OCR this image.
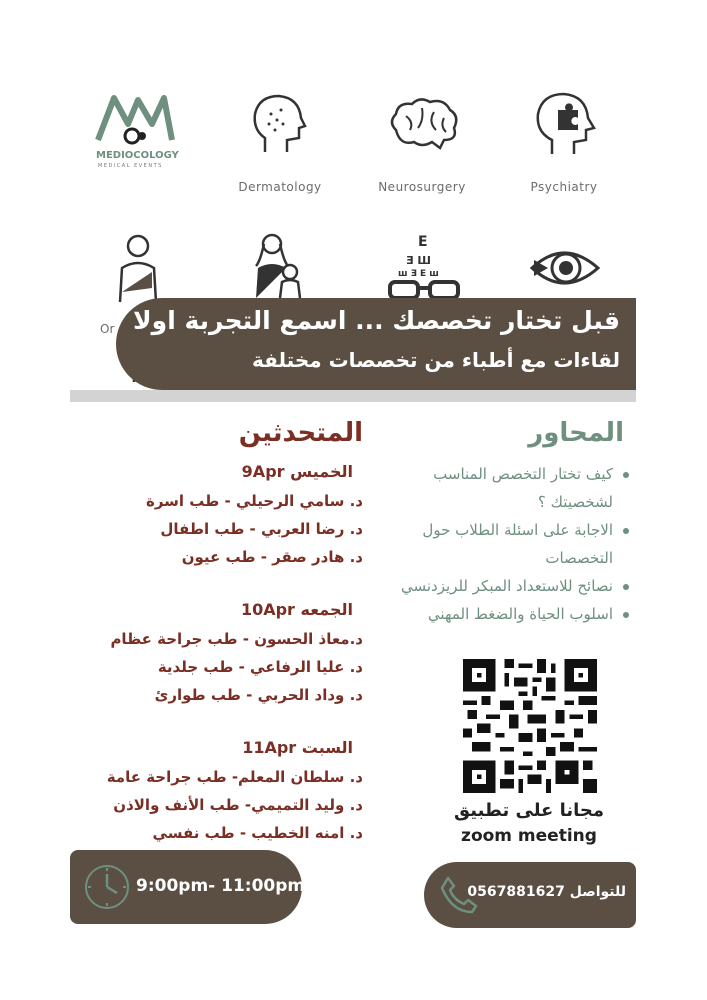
MEDIOCOLOGY
MEDICAL EVENTS
Dermatology	Neurosurgery	Psychiatry
Or
E
Ǝ Ш
ш Ǝ E ш
قبل تختار تخصصك ... اسمع التجربة اولا
لقاءات مع أطباء من تخصصات مختلفة
المتحدثين	المحاور
الخميس 9Apr
د. سامي الرحيلي - طب اسرة
د. رضا العربي - طب اطفال
د. هادر صقر - طب عيون
الجمعه 10Apr
د.معاذ الحسون - طب جراحة عظام
د. عليا الرفاعي - طب جلدية
د. وداد الحربي - طب طوارئ
السبت 11Apr
د. سلطان المعلم- طب جراحة عامة
د. وليد التميمي- طب الأنف والاذن
د. امنه الخطيب - طب نفسي
كيف تختار التخصص المناسب لشخصيتك ؟
الاجابة على اسئلة الطلاب حول التخصصات
نصائح للاستعداد المبكر للريزدنسي
اسلوب الحياة والضغط المهني
مجانا على تطبيق
zoom meeting
9:00pm- 11:00pm	للتواصل 0567881627
